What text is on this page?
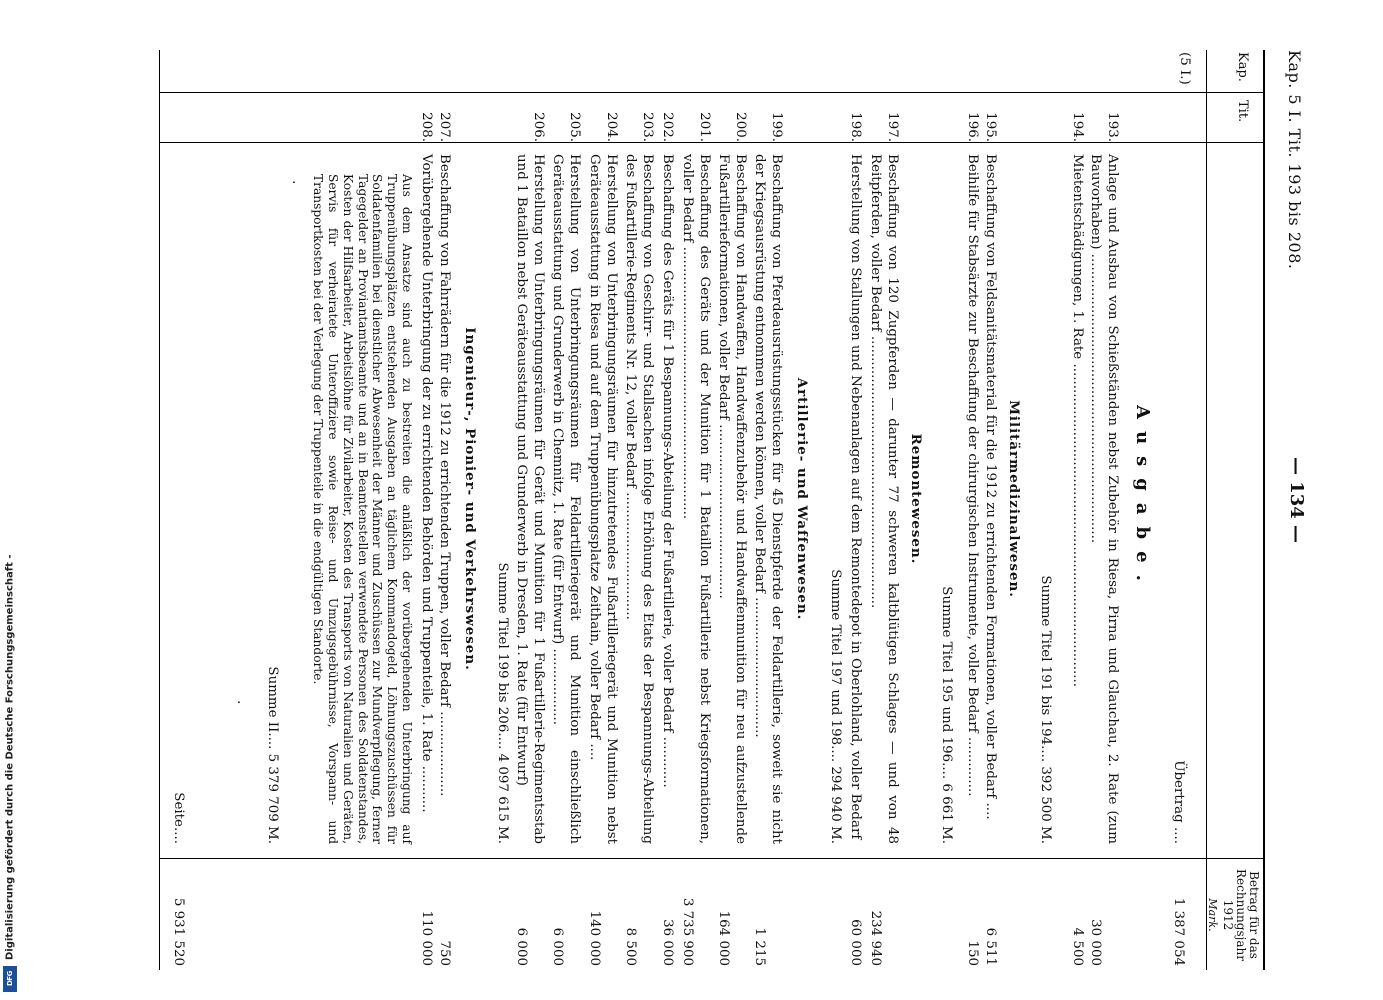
Digitalisierung gefördert durch die Deutsche Forschungsgemeinschaft -
DFG
Kap. 5 I. Tit. 193 bis 208.
— 134 —
Kap.
Tit.
Betrag für das Rechnungsjahr 1912
Mark.
(5 I.)
Ausgabe.
Übertrag ....
1 387 054
193.
Anlage und Ausbau von Schießständen nebst Zubehör in Riesa, Pirna und Glauchau, 2. Rate (zum Bauvorhaben) ....................................................................
30 000
194.
Mietentschädigungen, 1. Rate ............................................................................
4 500
Summe Titel 191 bis 194.... 392 500 M.
Militärmedizinalwesen.
195.
Beschaffung von Feldsanitätsmaterial für die 1912 zu errichtenden Formationen, voller Bedarf ....
6 511
196.
Beihilfe für Stabsärzte zur Beschaffung der chirurgischen Instrumente, voller Bedarf ..............
150
Summe Titel 195 und 196.... 6 661 M.
Remontewesen.
197.
Beschaffung von 120 Zugpferden — darunter 77 schweren kaltblütigen Schlages — und von 48 Reitpferden, voller Bedarf ................................................................
234 940
198.
Herstellung von Stallungen und Nebenanlagen auf dem Remontedepot in Oberlohland, voller Bedarf
60 000
Summe Titel 197 und 198.... 294 940 M.
Artillerie- und Waffenwesen.
199.
Beschaffung von Pferdeausrüstungsstücken für 45 Dienstpferde der Feldartillerie, soweit sie nicht der Kriegsausrüstung entnommen werden können, voller Bedarf .................................
1 215
200.
Beschaffung von Handwaffen, Handwaffenzubehör und Handwaffenmunition für neu aufzustellende Fußartillerieformationen, voller Bedarf .........................................
164 000
201.
Beschaffung des Geräts und der Munition für 1 Bataillon Fußartillerie nebst Kriegsformationen, voller Bedarf ................................................................
3 735 900
202.
Beschaffung des Geräts für 1 Bespannungs-Abteilung der Fußartillerie, voller Bedarf ............
36 000
203.
Beschaffung von Geschirr- und Stallsachen infolge Erhöhung des Etats der Bespannungs-Abteilung des Fußartillerie-Regiments Nr. 12, voller Bedarf ..............................
8 500
204.
Herstellung von Unterbringungsräumen für hinzutretendes Fußartilleriegerät und Munition nebst Geräteausstattung in Riesa und auf dem Truppenübungsplatze Zeithain, voller Bedarf ....
140 000
205.
Herstellung von Unterbringungsräumen für Feldartilleriegerät und Munition einschließlich Geräteausstattung und Grunderwerb in Chemnitz, 1. Rate (für Entwurf) ..................
6 000
206.
Herstellung von Unterbringungsräumen für Gerät und Munition für 1 Fußartillerie-Regimentsstab und 1 Bataillon nebst Geräteausstattung und Grunderwerb in Dresden, 1. Rate (für Entwurf)
6 000
Summe Titel 199 bis 206.... 4 097 615 M.
Ingenieur-, Pionier- und Verkehrswesen.
207.
Beschaffung von Fahrrädern für die 1912 zu errichtenden Truppen, voller Bedarf ....................
750
208.
Vorübergehende Unterbringung der zu errichtenden Behörden und Truppenteile, 1. Rate ...........
110 000
Aus dem Ansatze sind auch zu bestreiten die anläßlich der vorübergehenden Unterbringung auf Truppenübungsplätzen entstehenden Ausgaben an täglichem Kommandogeld, Löhnungszuschüssen für Soldatenfamilien bei dienstlicher Abwesenheit der Männer und Zuschüssen zur Mundverpflegung, ferner Tagegelder an Proviantamtsbeamte und an in Beamtenstellen verwendete Personen des Soldatenstandes, Kosten der Hilfsarbeiter, Arbeitslöhne für Zivilarbeiter, Kosten des Transports von Naturalien und Geräten, Servis für verheiratete Unteroffiziere sowie Reise- und Umzugsgebührnisse, Vorspann- und Transportkosten bei der Verlegung der Truppenteile in die endgültigen Standorte.
.
. Summe II.... 5 379 709 M.
Seite....
5 931 520
